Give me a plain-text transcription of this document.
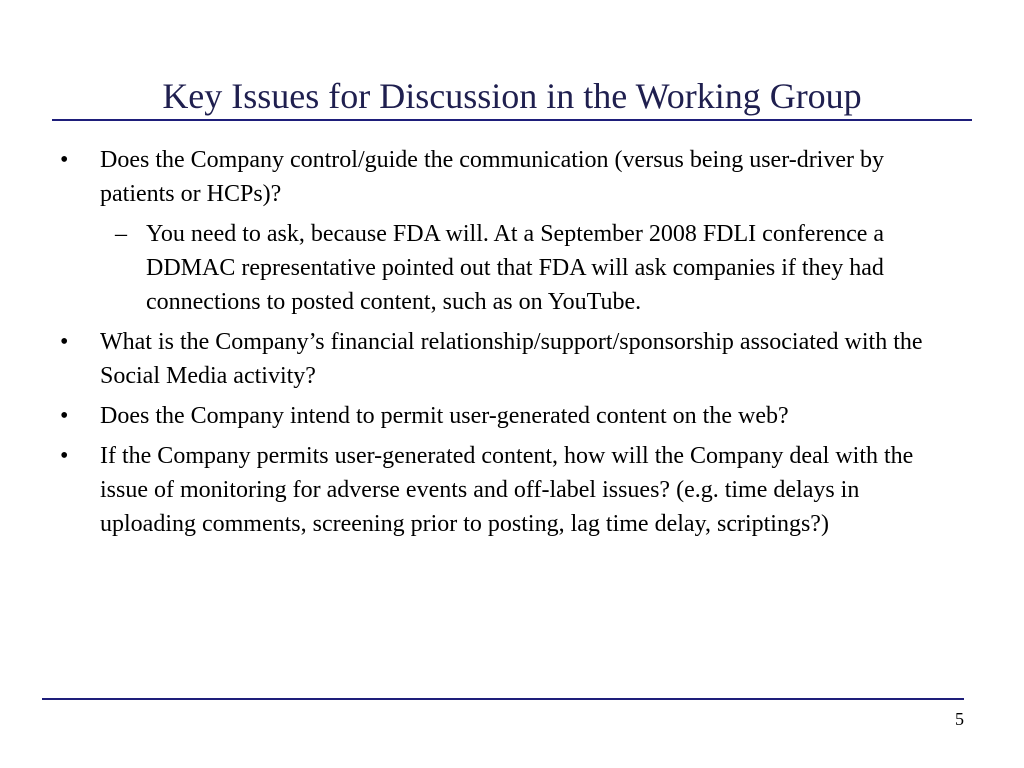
Key Issues for Discussion in the Working Group
•	Does the Company control/guide the communication (versus being user-driver by patients or HCPs)?
– You need to ask, because FDA will. At a September 2008 FDLI conference a DDMAC representative pointed out that FDA will ask companies if they had connections to posted content, such as on YouTube.
•	What is the Company’s financial relationship/support/sponsorship associated with the Social Media activity?
•	Does the Company intend to permit user-generated content on the web?
•	If the Company permits user-generated content, how will the Company deal with the issue of monitoring for adverse events and off-label issues? (e.g. time delays in uploading comments, screening prior to posting, lag time delay, scriptings?)
5
